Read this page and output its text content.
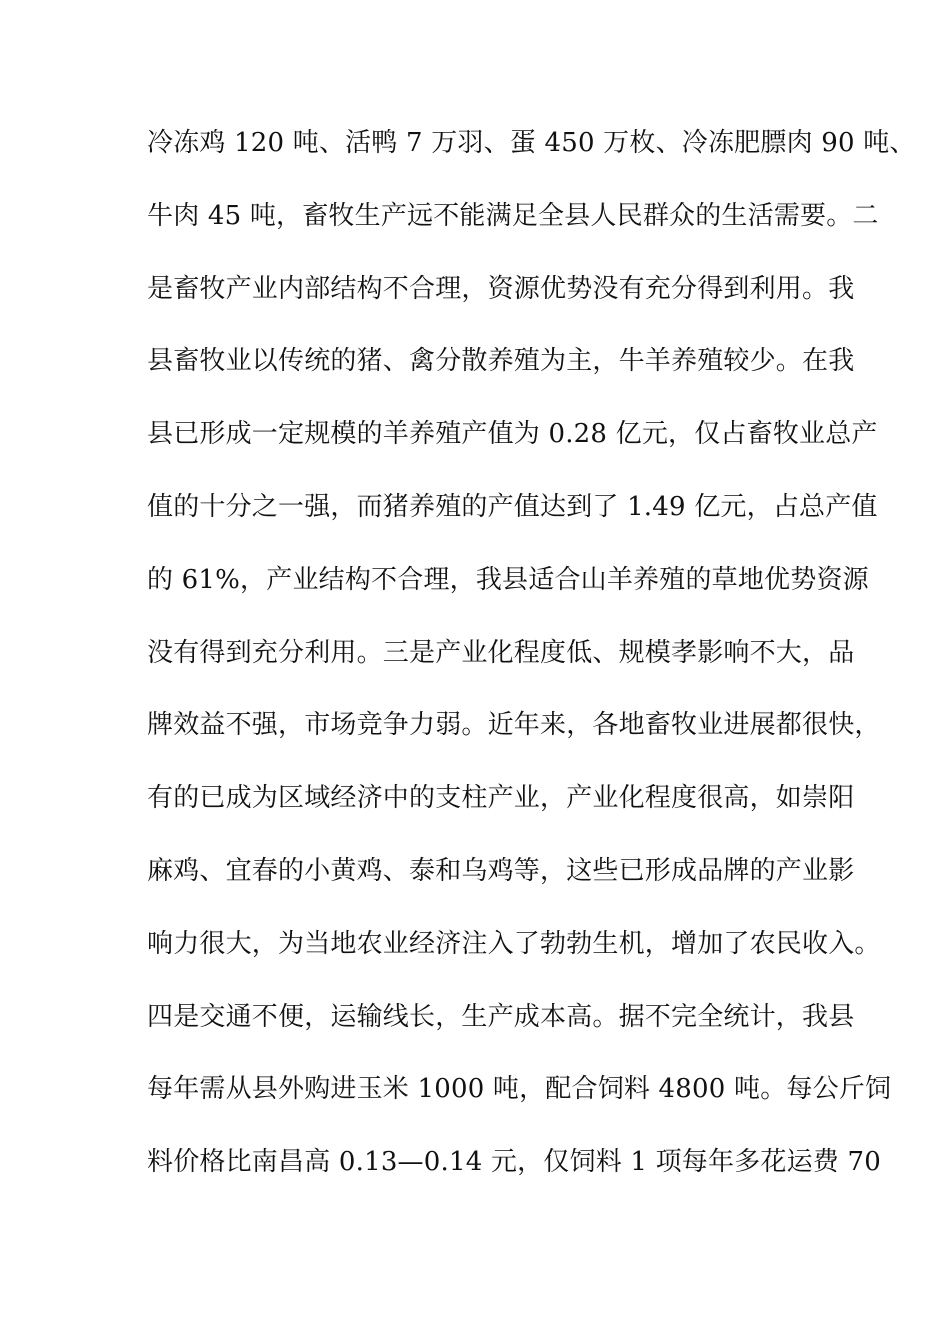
冷冻鸡 120 吨、活鸭 7 万羽、蛋 450 万枚、冷冻肥膘肉 90 吨、
牛肉 45 吨，畜牧生产远不能满足全县人民群众的生活需要。二
是畜牧产业内部结构不合理，资源优势没有充分得到利用。我
县畜牧业以传统的猪、禽分散养殖为主，牛羊养殖较少。在我
县已形成一定规模的羊养殖产值为 0.28 亿元，仅占畜牧业总产
值的十分之一强，而猪养殖的产值达到了 1.49 亿元，占总产值
的 61%，产业结构不合理，我县适合山羊养殖的草地优势资源
没有得到充分利用。三是产业化程度低、规模孝影响不大，品
牌效益不强，市场竞争力弱。近年来，各地畜牧业进展都很快，
有的已成为区域经济中的支柱产业，产业化程度很高，如崇阳
麻鸡、宜春的小黄鸡、泰和乌鸡等，这些已形成品牌的产业影
响力很大，为当地农业经济注入了勃勃生机，增加了农民收入。
四是交通不便，运输线长，生产成本高。据不完全统计，我县
每年需从县外购进玉米 1000 吨，配合饲料 4800 吨。每公斤饲
料价格比南昌高 0.13—0.14 元，仅饲料 1 项每年多花运费 70
